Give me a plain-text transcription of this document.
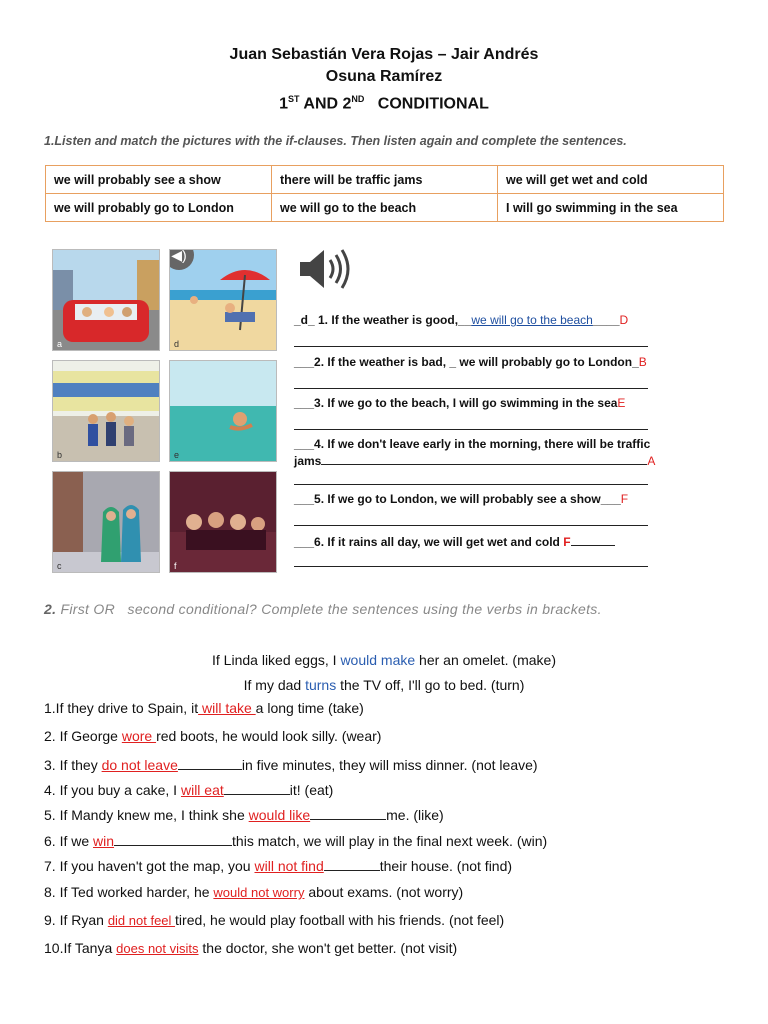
Juan Sebastián Vera Rojas – Jair Andrés
Osuna Ramírez
1ST AND 2ND   CONDITIONAL
1.Listen and match the pictures with the if-clauses. Then listen again and complete the sentences.
we will probably see a show	there will be traffic jams	we will get wet and cold
we will probably go to London	we will go to the beach	I will go swimming in the sea
a	d
◀)
b	e
c	f
_d_ 1. If the weather is good,__we will go to the beach____D
___2. If the weather is bad, _ we will probably go to London_B
___3. If we go to the beach, I will go swimming in the seaE
___4. If we don't leave early in the morning, there will be traffic
jams	A
___5. If we go to London, we will probably see a show___F
___6. If it rains all day, we will get wet and cold F
2. First OR   second conditional? Complete the sentences using the verbs in brackets.
If Linda liked eggs, I would make her an omelet. (make)
If my dad turns the TV off, I'll go to bed. (turn)
1.If they drive to Spain, it will take a long time (take)
2. If George wore red boots, he would look silly. (wear)
3. If they do not leave	in five minutes, they will miss dinner. (not leave)
4. If you buy a cake, I will eat	it! (eat)
5. If Mandy knew me, I think she would like	me. (like)
6. If we win	this match, we will play in the final next week. (win)
7. If you haven't got the map, you will not find	their house. (not find)
8. If Ted worked harder, he would not worry about exams. (not worry)
9. If Ryan did not feel tired, he would play football with his friends. (not feel)
10.If Tanya does not visits the doctor, she won't get better. (not visit)
